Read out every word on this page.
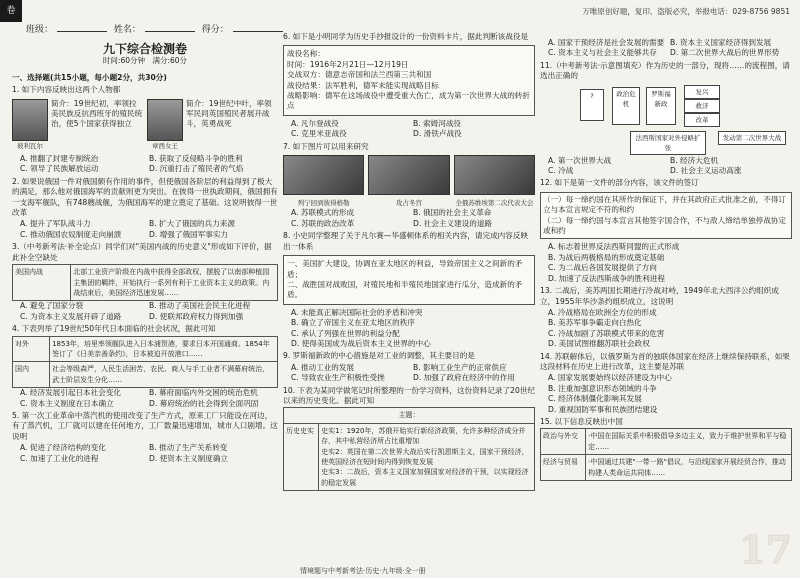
卷
班级：	姓名：	得分：
万唯原创好题，复印、盗版必究，举报电话：029-8756 9851
九下综合检测卷
时间:60分钟　满分:60分
一、选择题(共15小题，每小题2分，共30分)
1. 如下内容反映出这两个人物都
玻利瓦尔
简介：19世纪初，率领拉美民族反抗西班牙的殖民统治，使5个国家获得独立
章西女王
简介：19世纪中叶，率领军民同英国殖民者展开战斗，英勇战死
A. 推翻了封建专制统治	B. 获取了反侵略斗争的胜利
C. 领导了民族解放运动	D. 沉重打击了殖民者的气焰
2. 如果说俄国一件对俄国颇有作用的事件，但使俄国各阶层的利益得到了极大的满足，那么他对俄国海军的贡献则更为突出。在彼得一世执政期间，俄国拥有一支海军舰队，有748艘战舰，为俄国海军的建立奠定了基础。这说明彼得一世改革
A. 提升了军队战斗力	B. 扩大了俄国的兵力来源
C. 推动俄国农奴制度走向崩溃	D. 增强了俄国军事实力
3.（中考新考法·补全论点）同学们对"美国内战的历史意义"形成如下评价，据此补全空缺处
美国内战	北部工业资产阶级在内战中获得全部政权，摆脱了以南部种植园主集团的羁绊，开始执行一系列有利于工业资本主义的政策。内战结束后，美国经济迅速发展……
A. 避免了国家分裂	B. 推动了美国社会民主化进程
C. 为资本主义发展开辟了道路	D. 使联邦政府权力得到加强
4. 下表列举了19世纪50年代日本面临的社会状况，据此可知
对外	1853年，培里率领舰队进入日本浦贺港，要求日本开国通商。1854年签订了《日美亲善条约》，日本被迫开放港口……
国内	社会等级森严，人民生活困苦，农民、商人与手工业者不满幕府统治，武士阶层发生分化……
A. 经济发展引起日本社会变化	B. 幕府面临内外交困的统治危机
C. 资本主义制度在日本确立	D. 幕府统治的社会得到全面巩固
5. 第一次工业革命中蒸汽机的使用改变了生产方式，原来工厂只能设在河边，有了蒸汽机，工厂就可以建在任何地方，工厂数量迅速增加，城市人口剧增。这说明
A. 促进了经济结构的变化	B. 推动了生产关系转变
C. 加速了工业化的进程	D. 使资本主义制度确立
6. 如下是小明同学为历史手抄报设计的一份资料卡片，据此判断该战役是
战役名称：
时间：1916年2月21日—12月19日
交战双方：德意志帝国和法兰西第三共和国
战役结果：法军胜利，德军未能实现战略目标
战略影响：德军在这场战役中遭受重大伤亡，成为第一次世界大战的转折点
A. 凡尔登战役	B. 索姆河战役
C. 克里米亚战役	D. 滑铁卢战役
7. 如下图片可以用来研究
列宁回到彼得格勒	攻占冬宫	全俄苏维埃第二次代表大会
A. 苏联模式的形成	B. 俄国的社会主义革命
C. 苏联的政治改革	D. 社会主义建设的道路
8. 小史同学整理了关于凡尔赛—华盛顿体系的相关内容，请完成内容反映出一体系
一、美国扩大建设，协调在亚太地区的利益，导致帝国主义之间新的矛盾；
二、战胜国对战败国，对殖民地和半殖民地国家进行瓜分，造成新的矛盾。
A. 未能真正解决国际社会的矛盾和冲突
B. 确立了帝国主义在亚太地区的秩序
C. 承认了列强在世界的利益分配
D. 使得美国成为战后资本主义世界的中心
9. 罗斯福新政的中心措施是对工业的调整，其主要目的是
A. 推动工业的发展	B. 影响工业生产的正常供应
C. 导致农业生产积极性受挫	D. 加强了政府在经济中的作用
10. 下表为某同学做笔记时所整理的一份学习资料，这份资料记录了20世纪以来的历史变化。据此可知
主题：
历史史实	史实1：1920年，苏俄开始实行新经济政策，允许多种经济成分并存，其中私营经济所占比重增加
史实2：英国在第二次世界大战后实行凯恩斯主义，国家干预经济，使英国经济在短时间内得到恢复发展
史实3：二战后，资本主义国家加强国家对经济的干预，以实现经济的稳定发展
A. 国家干预经济是社会发展的需要 B. 资本主义国家经济得到发展
C. 资本主义与社会主义能够共存	D. 第二次世界大战后的世界形势
11.（中考新考法·示意图填充）作为历史的一部分，现将……的流程图，请选出正确的
?	政治危机
罗斯福新政
复兴
救济
改革
法西斯国家对外侵略扩张
发动第二次世界大战
A. 第一次世界大战	B. 经济大危机
C. 冷战	D. 社会主义运动高涨
12. 如下是第一文件的部分内容，该文件的签订
（一）每一缔约国在其所作的保证下，并在其政府正式批准之前，不得订立与本宣言规定不符的和约
（二）每一缔约国与本宣言其他签字国合作，不与敌人缔结单独停战协定或和约
A. 标志着世界反法西斯同盟的正式形成
B. 为战后两极格局的形成奠定基础
C. 为二战后各国发展提供了方向
D. 加速了反法西斯战争的胜利进程
13. 二战后，美苏两国长期进行冷战对峙，1949年北大西洋公约组织成立，1955年华沙条约组织成立，这说明
A. 冷战格局在欧洲全方位的形成
B. 美苏军事争霸走向白热化
C. 冷战加剧了苏联模式带来的危害
D. 美国试图推翻苏联社会政权
14. 苏联解体后，以俄罗斯为首的独联体国家在经济上继续保持联系，如果这段材料在历史上进行改革，这主要是苏联
A. 国家发展要始终以经济建设为中心
B. 注重加强意识形态领域的斗争
C. 经济体制僵化影响其发展
D. 重视国防军事和民族团结建设
15. 以下信息反映出中国
政治与外交	·中国在国际关系中积极倡导多边主义，致力于维护世界和平与稳定……
经济与贸易	·中国通过共建"一带一路"倡议，与沿线国家开展经贸合作，推动构建人类命运共同体……
17
情境题与中考新考法·历史·九年级·全一册
